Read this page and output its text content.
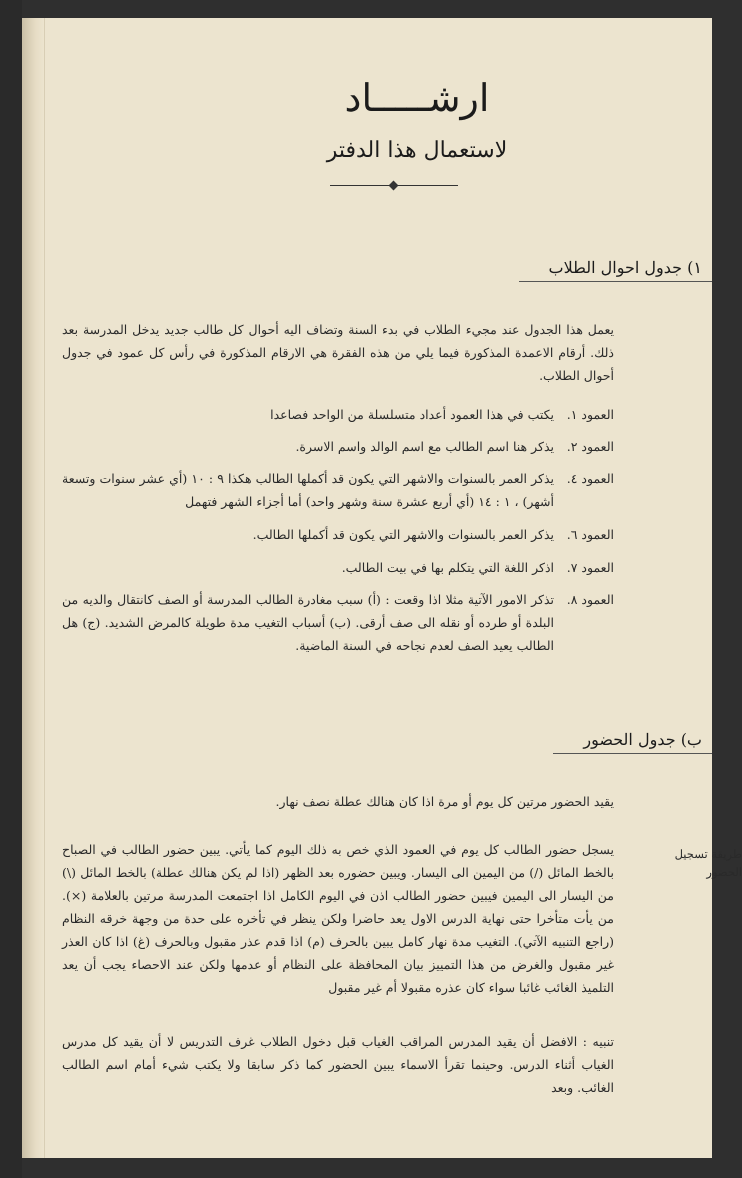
ارشـــــاد
لاستعمال هذا الدفتر
١) جدول احوال الطلاب
يعمل هذا الجدول عند مجيء الطلاب في بدء السنة وتضاف اليه أحوال كل طالب جديد يدخل المدرسة بعد ذلك. أرقام الاعمدة المذكورة فيما يلي من هذه الفقرة هي الارقام المذكورة في رأس كل عمود في جدول أحوال الطلاب.
العمود ١.
يكتب في هذا العمود أعداد متسلسلة من الواحد فصاعدا
العمود ٢.
يذكر هنا اسم الطالب مع اسم الوالد واسم الاسرة.
العمود ٤.
يذكر العمر بالسنوات والاشهر التي يكون قد أكملها الطالب هكذا ٩ : ١٠ (أي عشر سنوات وتسعة أشهر) ، ١ : ١٤ (أي أربع عشرة سنة وشهر واحد) أما أجزاء الشهر فتهمل
العمود ٦.
يذكر العمر بالسنوات والاشهر التي يكون قد أكملها الطالب.
العمود ٧.
اذكر اللغة التي يتكلم بها في بيت الطالب.
العمود ٨.
تذكر الامور الآتية مثلا اذا وقعت : (أ) سبب مغادرة الطالب المدرسة أو الصف كانتقال والديه من البلدة أو طرده أو نقله الى صف أرقى. (ب) أسباب التغيب مدة طويلة كالمرض الشديد. (ج) هل الطالب يعيد الصف لعدم نجاحه في السنة الماضية.
ب) جدول الحضور
يقيد الحضور مرتين كل يوم أو مرة اذا كان هنالك عطلة نصف نهار.
طريقة تسجيل الحضور
يسجل حضور الطالب كل يوم في العمود الذي خص به ذلك اليوم كما يأتي. يبين حضور الطالب في الصباح بالخط المائل (/) من اليمين الى اليسار. ويبين حضوره بعد الظهر (اذا لم يكن هنالك عطلة) بالخط المائل (\) من اليسار الى اليمين فيبين حضور الطالب اذن في اليوم الكامل اذا اجتمعت المدرسة مرتين بالعلامة (×). من يأت متأخرا حتى نهاية الدرس الاول يعد حاضرا ولكن ينظر في تأخره على حدة من وجهة خرقه النظام (راجع التنبيه الآتي). التغيب مدة نهار كامل يبين بالحرف (م) اذا قدم عذر مقبول وبالحرف (غ) اذا كان العذر غير مقبول والغرض من هذا التمييز بيان المحافظة على النظام أو عدمها ولكن عند الاحصاء يجب أن يعد التلميذ الغائب غائبا سواء كان عذره مقبولا أم غير مقبول
تنبيه : الافضل أن يقيد المدرس المراقب الغياب قبل دخول الطلاب غرف التدريس لا أن يقيد كل مدرس الغياب أثناء الدرس. وحينما تقرأ الاسماء يبين الحضور كما ذكر سابقا ولا يكتب شيء أمام اسم الطالب الغائب. وبعد
